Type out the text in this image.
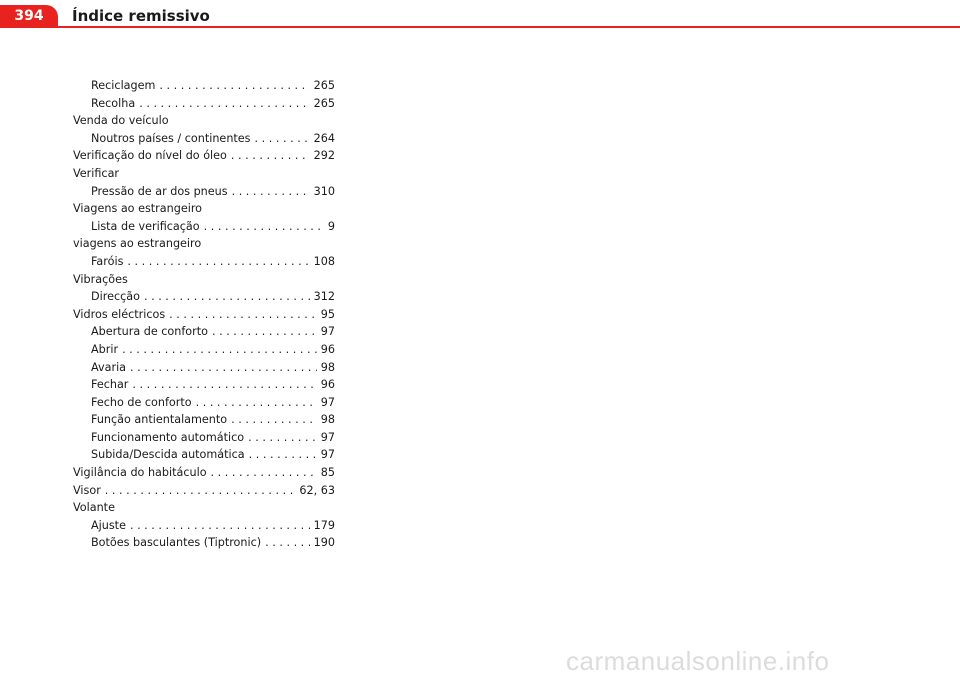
394	Índice remissivo
Reciclagem . . .	265
Recolha . . .	265
Venda do veículo
Noutros países / continentes . . .	264
Verificação do nível do óleo . . .	292
Verificar
Pressão de ar dos pneus . . .	310
Viagens ao estrangeiro
Lista de verificação . . .	9
viagens ao estrangeiro
Faróis . . .	108
Vibrações
Direcção . . .	312
Vidros eléctricos . . .	95
Abertura de conforto . . .	97
Abrir . . .	96
Avaria . . .	98
Fechar . . .	96
Fecho de conforto . . .	97
Função antientalamento . . .	98
Funcionamento automático . . .	97
Subida/Descida automática . . .	97
Vigilância do habitáculo . . .	85
Visor . . .	62, 63
Volante
Ajuste . . .	179
Botões basculantes (Tiptronic) . . .	190
carmanualsonline.info
